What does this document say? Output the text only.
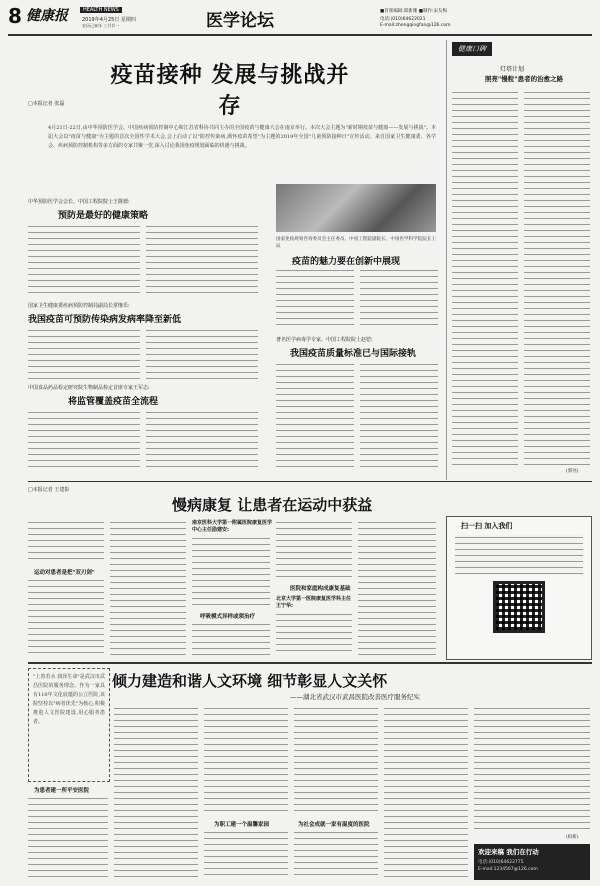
8 健康报	HEALTH NEWS
2019年4月25日 星期四
农历己亥年 三月廿一	医学论坛	■首席编辑:郑新珊 ■制作:宋友梅
电话:(010)64622021
E-mail:zhengqingfan@126.com
疫苗接种 发展与挑战并存
□本报记者 张磊
4月21日-22日,由中华预防医学会、中国疾病预防控制中心和江苏省科协共同主办的全国疫苗与健康大会在南京举行。本次大会主题为"新时期疫苗与健康——发展与挑战"。本届大会以"疫苗与健康"为主题的首次全国性学术大会,会上启动了以"防控传染病,满怀疫苗希望"为主题的2019年全国"儿童预防接种日"宣传活动。来自国家卫生健康委、各学会、疾病预防控制机构等多方面的专家共聚一堂,深入讨论我国免疫规划面临的机遇与挑战。
中华预防医学会会长、中国工程院院士王陇德:
预防是最好的健康策略
国家卫生健康委疾病预防控制局副局长常继乐:
我国疫苗可预防传染病发病率降至新低
中国食品药品检定研究院生物制品检定首席专家王军志:
将监管覆盖疫苗全流程
国家免疫规划咨询委员会主任委员、中国工程院副院长、中国医学科学院院长王辰
疫苗的魅力要在创新中展现
著名医学病毒学专家、中国工程院院士赵铠:
我国疫苗质量标准已与国际接轨
健康口碑
灯塔计划
照亮"慢粒"患者的治愈之路
(郭亮)
□本报记者 王建影
慢病康复 让患者在运动中获益
运动对患者是把"双刃剑"
南京医科大学第一附属医院康复医学中心主任励建安:
呼吸模式异样或须治疗
医院和家庭构成康复基础
北京大学第一医院康复医学科主任王宁华:
扫一扫 加入我们
"上善若水 润泽生命"是武汉市武昌医院的服务理念。作为一家具有110年文化底蕴的公立医院,该院坚持以"病者优先"为核心,积极推进人文医院建设,用心服务患者。
倾力建造和谐人文环境 细节彰显人文关怀
——湖北省武汉市武昌医院改善医疗服务纪实
为患者建一所平安医院
为职工建一个温馨家园	为社会成就一家有温度的医院
(柏新)
欢迎来稿 我们在行动
电话:(010)64622775
E-mail:1234567@126.com
